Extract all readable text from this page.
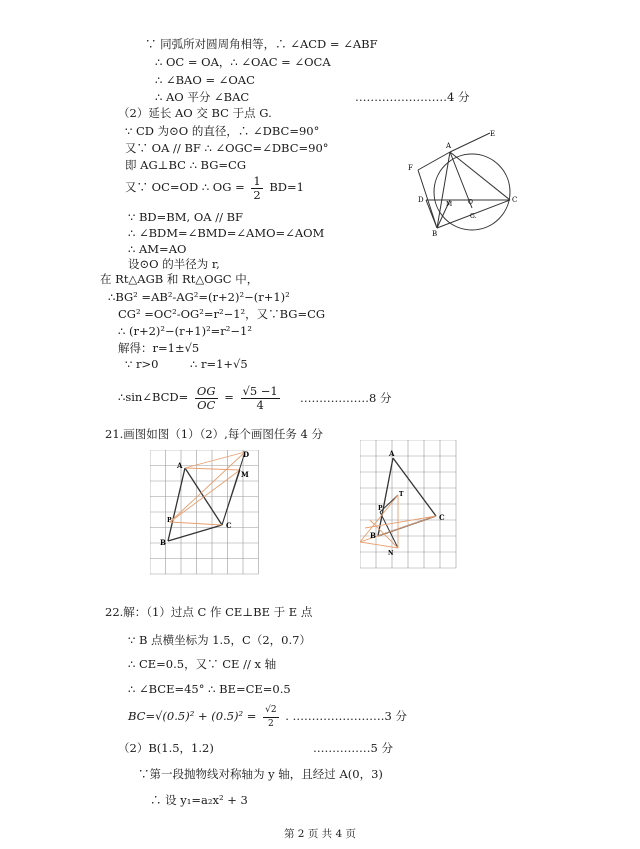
∵ 同弧所对圆周角相等，∴ ∠ACD = ∠ABF
∴ OC = OA，∴ ∠OAC = ∠OCA
∴ ∠BAO = ∠OAC
∴ AO 平分 ∠BAC	……………………4 分
（2）延长 AO 交 BC 于点 G.
∵ CD 为⊙O 的直径，∴ ∠DBC=90°
又∵ OA // BF ∴ ∠OGC=∠DBC=90°
即 AG⊥BC ∴ BG=CG
又∵ OC=OD ∴ OG = $\frac{1}{2} BD=1$
∵ BD=BM, OA // BF
∴ ∠BDM=∠BMD=∠AMO=∠AOM
∴ AM=AO
设⊙O 的半径为 r,
在 Rt△AGB 和 Rt△OGC 中，
∴BG² =AB²-AG²=(r+2)²−(r+1)²
CG² =OC²-OG²=r²−1²，又∵BG=CG
∴ (r+2)²−(r+1)²=r²−1²
解得：r=1±√5
∵ r>0	∴ r=1+√5
∴sin∠BCD= $\frac{OG}{OC} = \frac{√5 -1}{4}$ ………………8 分
A
E
F
D
M	O
G.
C
B
21.画图如图（1）（2）,每个画图任务 4 分
A
D
M
P
C
B
A
T
P
C
B
N
22.解：（1）过点 C 作 CE⊥BE 于 E 点
∵ B 点横坐标为 1.5，C（2，0.7）
∴ CE=0.5，又∵ CE // x 轴
∴ ∠BCE=45° ∴ BE=CE=0.5
$BC=√(0.5)^2 + (0.5)^2 = \frac{√2}{2}$ . ……………………3 分
（2）B(1.5，1.2)	……………5 分
∵第一段抛物线对称轴为 y 轴，且经过 A(0，3)
∴ 设 y₁=a₂x² + 3
第 2 页 共 4 页
